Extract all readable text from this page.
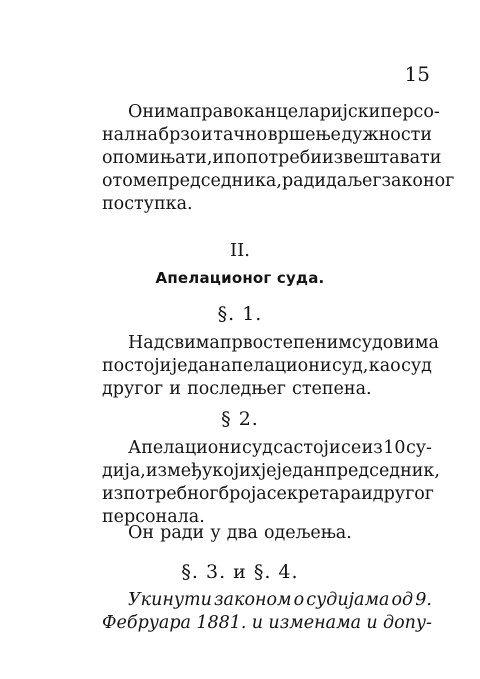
15
Он има право канцеларијски персо-
нал на брзо и тачно вршење дужности
опомињати, и по потреби извештавати
о томе председника, ради даљег законог
поступка.
II.
Апелационог суда.
§. 1.
Над свима првостепеним судовима
постоји један апелациони суд, као суд
другог и последњег степена.
§ 2.
Апелациони суд састоји се из 10 су-
дија, између којих је један председник,
из потребног броја секретара и другог
персонала.
Он ради у два одељења.
§. 3. и §. 4.
Укинути законом о судијама од 9.
Фебруара 1881. и изменама и допу-
